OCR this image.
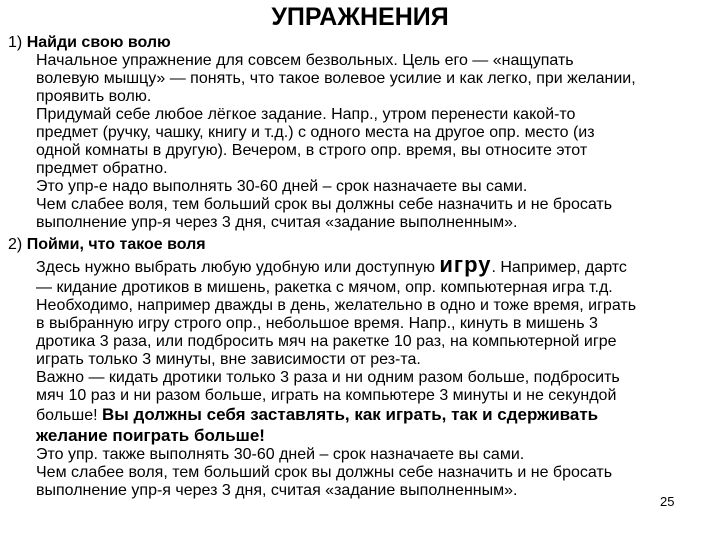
УПРАЖНЕНИЯ

1) Найди свою волю

Начальное упражнение для совсем безвольных. Цель его — «нащупать
волевую мышцу» — понять, что такое волевое усилие и как легко, при желании,
проявить волю.
Придумай себе любое лёгкое задание. Напр., утром перенести какой-то
предмет (ручку, чашку, книгу и т.д.) с одного места на другое опр. место (из
одной комнаты в другую). Вечером, в строго опр. время, вы относите этот
предмет обратно.
Это упр-е надо выполнять 30-60 дней – срок назначаете вы сами.
Чем слабее воля, тем больший срок вы должны себе назначить и не бросать
выполнение упр-я через 3 дня, считая «задание выполненным».

2) Пойми, что такое воля

Здесь нужно выбрать любую удобную или доступную игру. Например, дартс
— кидание дротиков в мишень, ракетка с мячом, опр. компьютерная игра т.д.
Необходимо, например дважды в день, желательно в одно и тоже время, играть
в выбранную игру строго опр., небольшое время. Напр., кинуть в мишень 3
дротика 3 раза, или подбросить мяч на ракетке 10 раз, на компьютерной игре
играть только 3 минуты, вне зависимости от рез-та.
Важно — кидать дротики только 3 раза и ни одним разом больше, подбросить
мяч 10 раз и ни разом больше, играть на компьютере 3 минуты и не секундой
больше! Вы должны себя заставлять, как играть, так и сдерживать
желание поиграть больше!
Это упр. также выполнять 30-60 дней – срок назначаете вы сами.
Чем слабее воля, тем больший срок вы должны себе назначить и не бросать
выполнение упр-я через 3 дня, считая «задание выполненным».
25
